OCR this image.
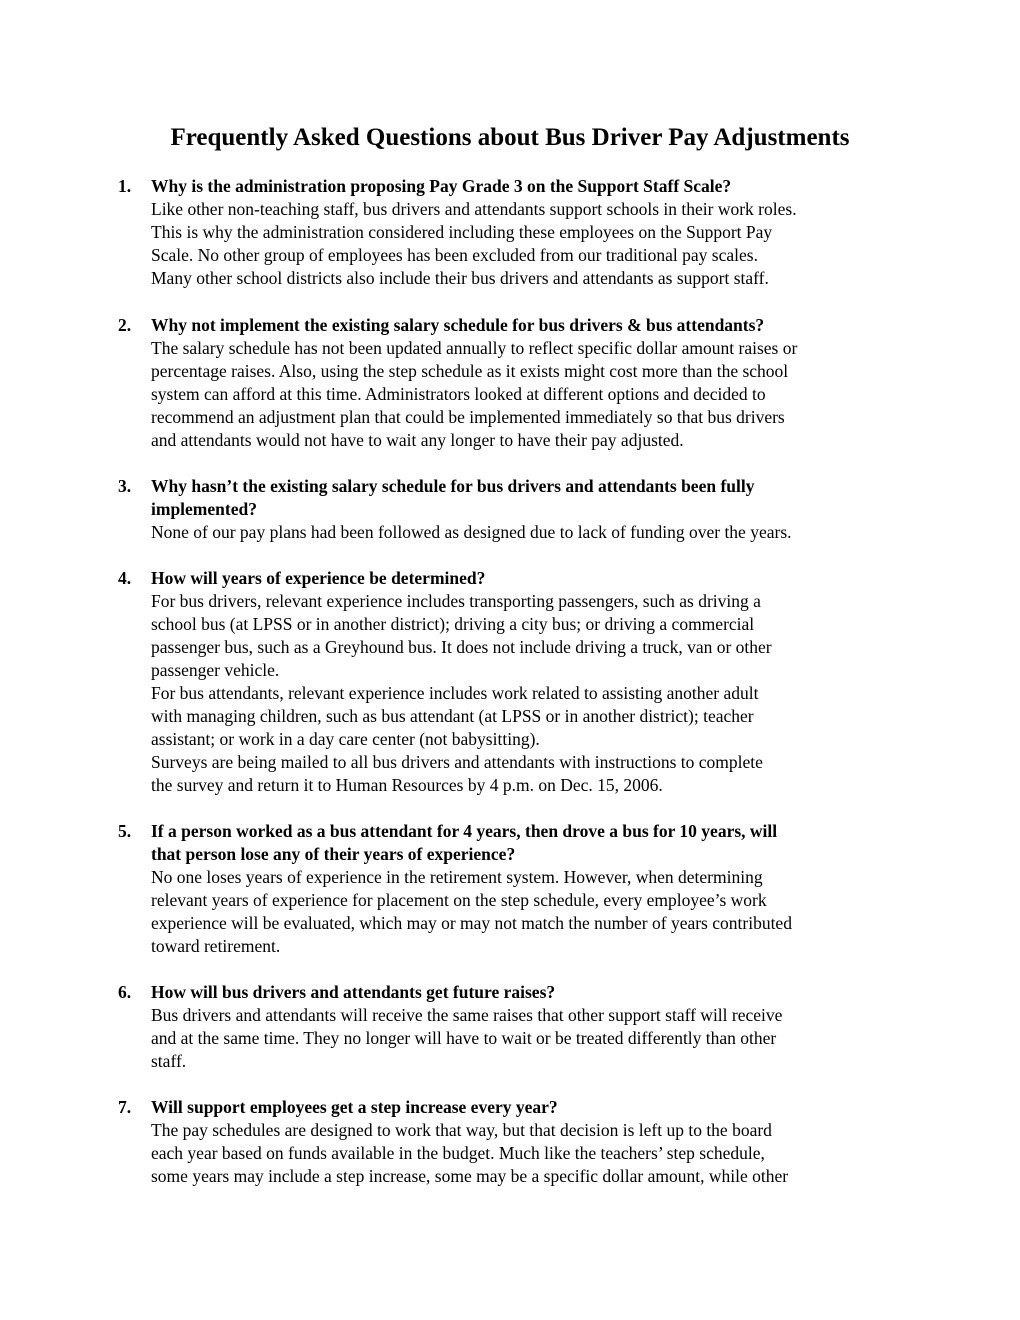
Frequently Asked Questions about Bus Driver Pay Adjustments
1.	Why is the administration proposing Pay Grade 3 on the Support Staff Scale?
Like other non-teaching staff, bus drivers and attendants support schools in their work roles.
This is why the administration considered including these employees on the Support Pay
Scale. No other group of employees has been excluded from our traditional pay scales.
Many other school districts also include their bus drivers and attendants as support staff.
2.	Why not implement the existing salary schedule for bus drivers & bus attendants?
The salary schedule has not been updated annually to reflect specific dollar amount raises or
percentage raises. Also, using the step schedule as it exists might cost more than the school
system can afford at this time. Administrators looked at different options and decided to
recommend an adjustment plan that could be implemented immediately so that bus drivers
and attendants would not have to wait any longer to have their pay adjusted.
3.	Why hasn’t the existing salary schedule for bus drivers and attendants been fully
implemented?
None of our pay plans had been followed as designed due to lack of funding over the years.
4.	How will years of experience be determined?
For bus drivers, relevant experience includes transporting passengers, such as driving a
school bus (at LPSS or in another district); driving a city bus; or driving a commercial
passenger bus, such as a Greyhound bus. It does not include driving a truck, van or other
passenger vehicle.
For bus attendants, relevant experience includes work related to assisting another adult
with managing children, such as bus attendant (at LPSS or in another district); teacher
assistant; or work in a day care center (not babysitting).
Surveys are being mailed to all bus drivers and attendants with instructions to complete
the survey and return it to Human Resources by 4 p.m. on Dec. 15, 2006.
5.	If a person worked as a bus attendant for 4 years, then drove a bus for 10 years, will
that person lose any of their years of experience?
No one loses years of experience in the retirement system. However, when determining
relevant years of experience for placement on the step schedule, every employee’s work
experience will be evaluated, which may or may not match the number of years contributed
toward retirement.
6.	How will bus drivers and attendants get future raises?
Bus drivers and attendants will receive the same raises that other support staff will receive
and at the same time. They no longer will have to wait or be treated differently than other
staff.
7.	Will support employees get a step increase every year?
The pay schedules are designed to work that way, but that decision is left up to the board
each year based on funds available in the budget. Much like the teachers’ step schedule,
some years may include a step increase, some may be a specific dollar amount, while other
